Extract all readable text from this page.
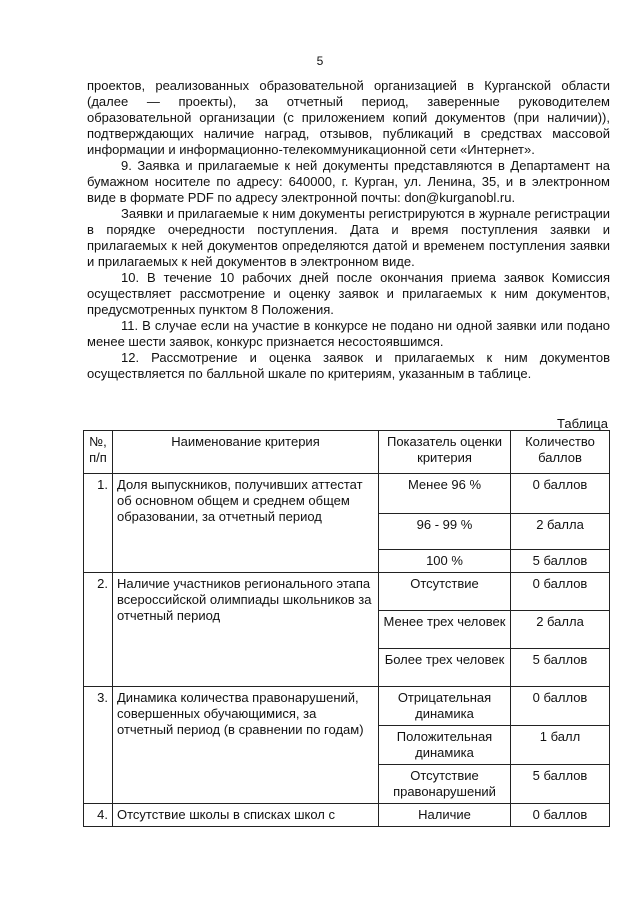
5

проектов, реализованных образовательной организацией в Курганской области (далее — проекты), за отчетный период, заверенные руководителем образовательной организации (с приложением копий документов (при наличии)), подтверждающих наличие наград, отзывов, публикаций в средствах массовой информации и информационно-телекоммуникационной сети «Интернет».

9. Заявка и прилагаемые к ней документы представляются в Департамент на бумажном носителе по адресу: 640000, г. Курган, ул. Ленина, 35, и в электронном виде в формате PDF по адресу электронной почты: don@kurganobl.ru.

Заявки и прилагаемые к ним документы регистрируются в журнале регистрации в порядке очередности поступления. Дата и время поступления заявки и прилагаемых к ней документов определяются датой и временем поступления заявки и прилагаемых к ней документов в электронном виде.

10. В течение 10 рабочих дней после окончания приема заявок Комиссия осуществляет рассмотрение и оценку заявок и прилагаемых к ним документов, предусмотренных пунктом 8 Положения.

11. В случае если на участие в конкурсе не подано ни одной заявки или подано менее шести заявок, конкурс признается несостоявшимся.

12. Рассмотрение и оценка заявок и прилагаемых к ним документов осуществляется по балльной шкале по критериям, указанным в таблице.

Таблица
№, п/п	Наименование критерия	Показатель оценки критерия	Количество баллов
1.	Доля выпускников, получивших аттестат об основном общем и среднем общем образовании, за отчетный период	Менее 96 %	0 баллов
		96 - 99 %	2 балла
		100 %	5 баллов
2.	Наличие участников регионального этапа всероссийской олимпиады школьников за отчетный период	Отсутствие	0 баллов
		Менее трех человек	2 балла
		Более трех человек	5 баллов
3.	Динамика количества правонарушений, совершенных обучающимися, за отчетный период (в сравнении по годам)	Отрицательная динамика	0 баллов
		Положительная динамика	1 балл
		Отсутствие правонарушений	5 баллов
4.	Отсутствие школы в списках школ с	Наличие	0 баллов
